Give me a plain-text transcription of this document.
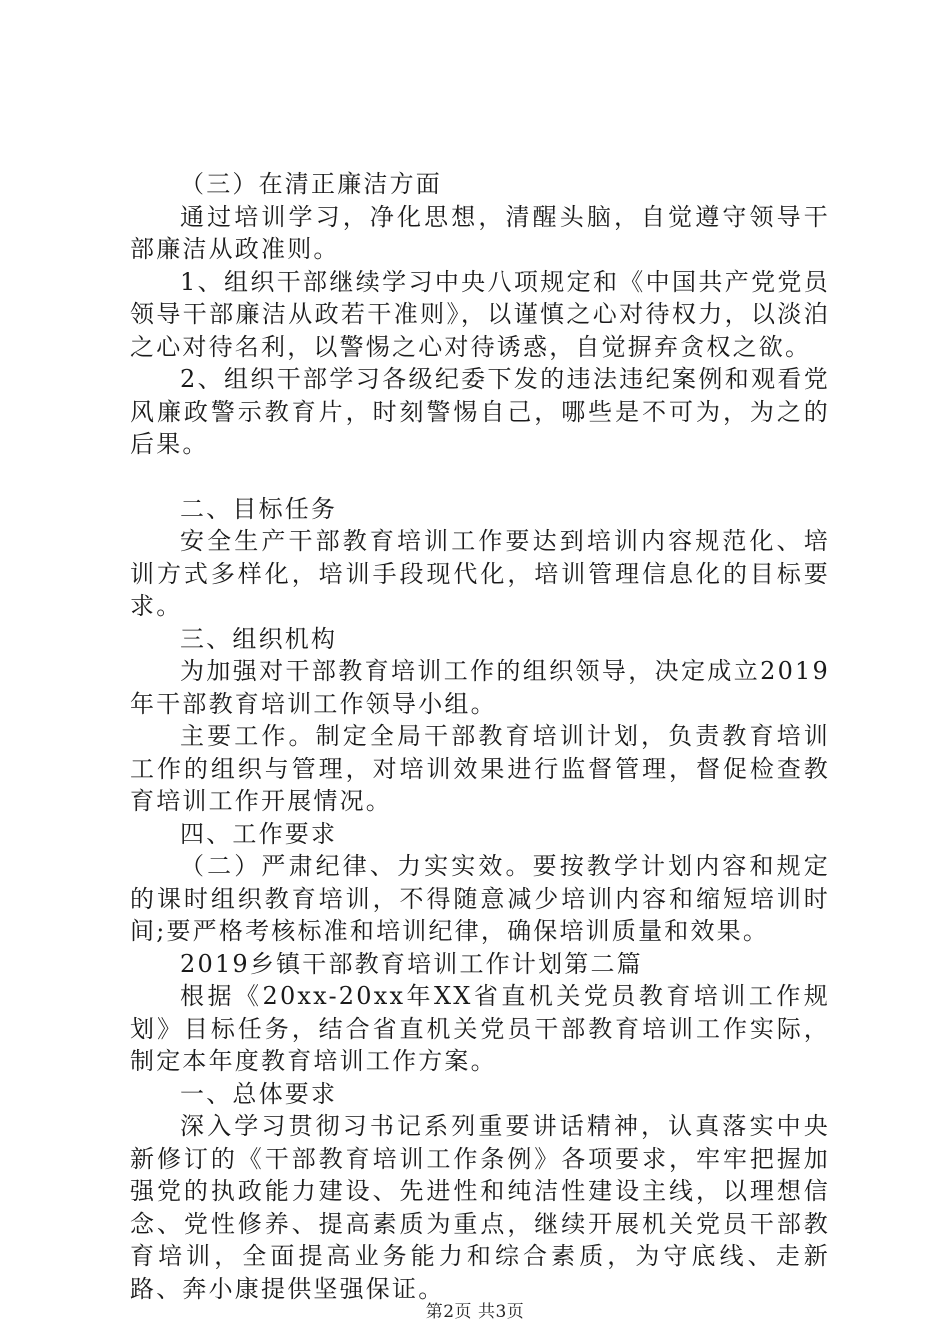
（三）在清正廉洁方面

通过培训学习，净化思想，清醒头脑，自觉遵守领导干部廉洁从政准则。

1、组织干部继续学习中央八项规定和《中国共产党党员领导干部廉洁从政若干准则》，以谨慎之心对待权力，以淡泊之心对待名利，以警惕之心对待诱惑，自觉摒弃贪权之欲。

2、组织干部学习各级纪委下发的违法违纪案例和观看党风廉政警示教育片，时刻警惕自己，哪些是不可为，为之的后果。

二、目标任务

安全生产干部教育培训工作要达到培训内容规范化、培训方式多样化，培训手段现代化，培训管理信息化的目标要求。

三、组织机构

为加强对干部教育培训工作的组织领导，决定成立2019年干部教育培训工作领导小组。

主要工作。制定全局干部教育培训计划，负责教育培训工作的组织与管理，对培训效果进行监督管理，督促检查教育培训工作开展情况。

四、工作要求

（二）严肃纪律、力实实效。要按教学计划内容和规定的课时组织教育培训，不得随意减少培训内容和缩短培训时间;要严格考核标准和培训纪律，确保培训质量和效果。

2019乡镇干部教育培训工作计划第二篇

根据《20xx-20xx年XX省直机关党员教育培训工作规划》目标任务，结合省直机关党员干部教育培训工作实际，制定本年度教育培训工作方案。

一、总体要求

深入学习贯彻习书记系列重要讲话精神，认真落实中央新修订的《干部教育培训工作条例》各项要求，牢牢把握加强党的执政能力建设、先进性和纯洁性建设主线，以理想信念、党性修养、提高素质为重点，继续开展机关党员干部教育培训，全面提高业务能力和综合素质，为守底线、走新路、奔小康提供坚强保证。

第2页 共3页
